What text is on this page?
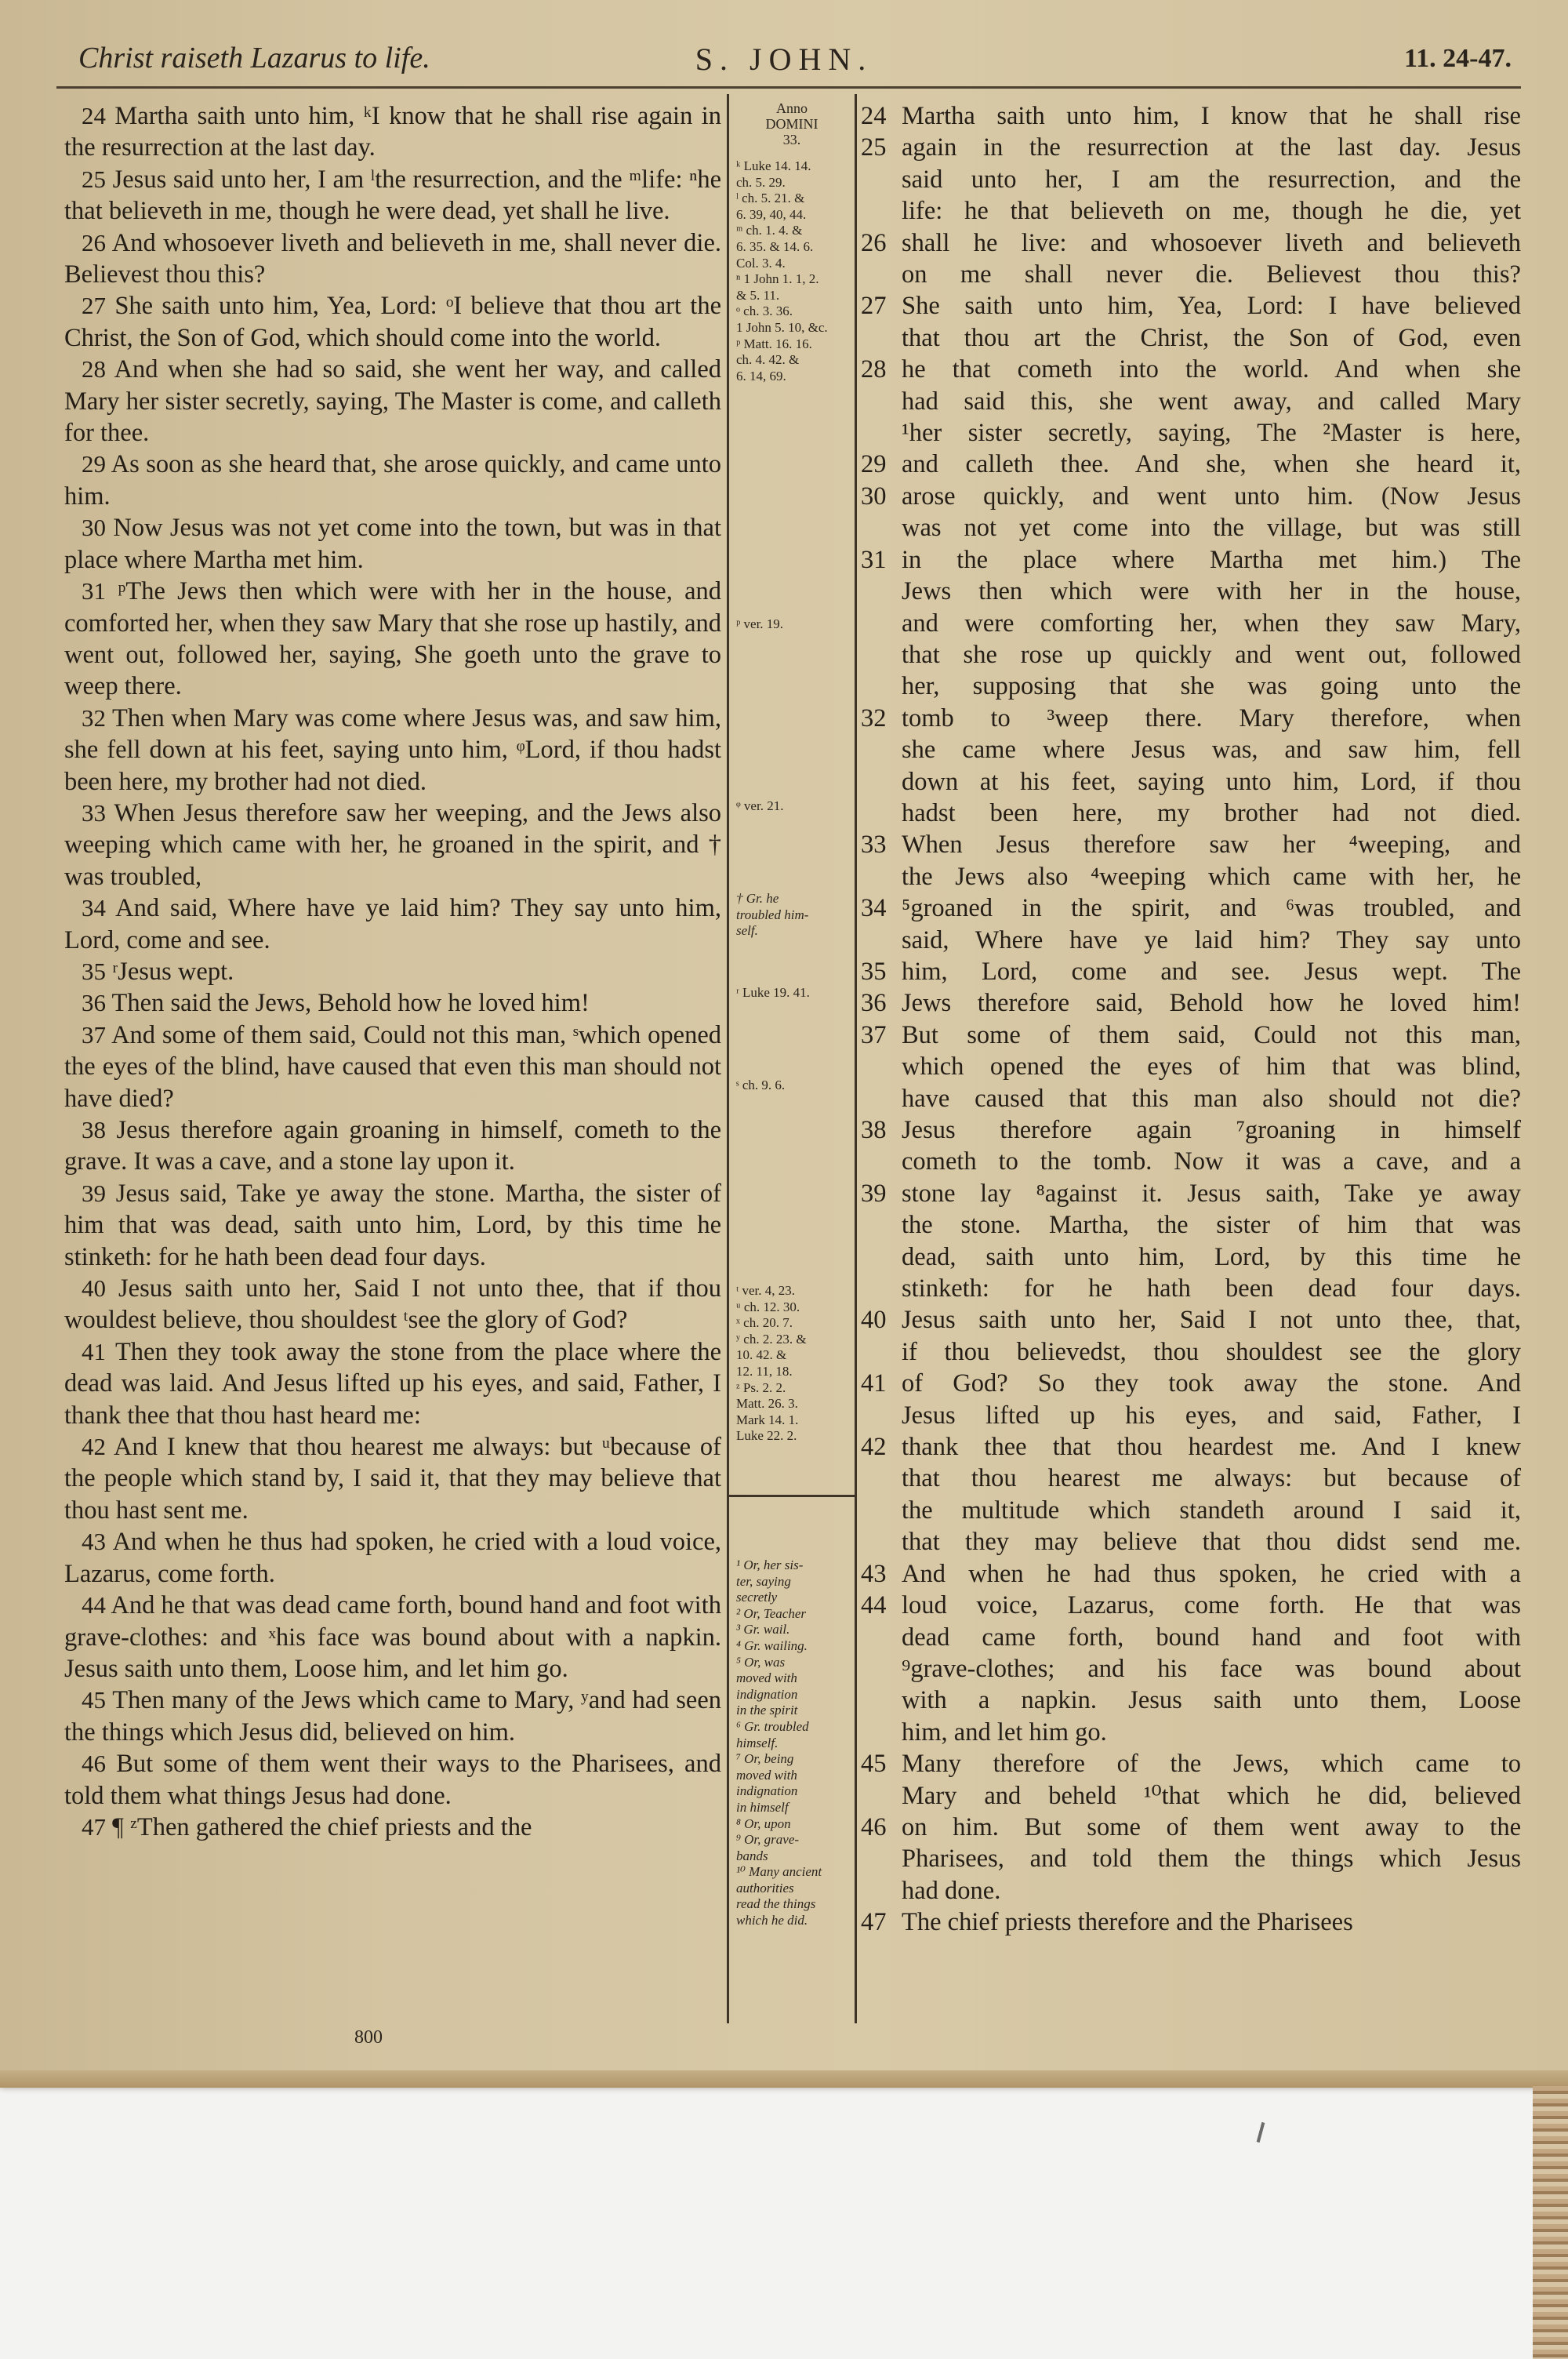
Christ raiseth Lazarus to life.	S. JOHN.	11. 24-47.

24 Martha saith unto him, ᵏI know that he shall rise again in the resurrection at the last day.

25 Jesus said unto her, I am ˡthe resurrection, and the ᵐlife: ⁿhe that believeth in me, though he were dead, yet shall he live.

26 And whosoever liveth and believeth in me, shall never die. Believest thou this?

27 She saith unto him, Yea, Lord: ᵒI believe that thou art the Christ, the Son of God, which should come into the world.

28 And when she had so said, she went her way, and called Mary her sister secretly, saying, The Master is come, and calleth for thee.

29 As soon as she heard that, she arose quickly, and came unto him.

30 Now Jesus was not yet come into the town, but was in that place where Martha met him.

31 ᵖThe Jews then which were with her in the house, and comforted her, when they saw Mary that she rose up hastily, and went out, followed her, saying, She goeth unto the grave to weep there.

32 Then when Mary was come where Jesus was, and saw him, she fell down at his feet, saying unto him, ᵠLord, if thou hadst been here, my brother had not died.

33 When Jesus therefore saw her weeping, and the Jews also weeping which came with her, he groaned in the spirit, and † was troubled,

34 And said, Where have ye laid him? They say unto him, Lord, come and see.

35 ʳJesus wept.

36 Then said the Jews, Behold how he loved him!

37 And some of them said, Could not this man, ˢwhich opened the eyes of the blind, have caused that even this man should not have died?

38 Jesus therefore again groaning in himself, cometh to the grave. It was a cave, and a stone lay upon it.

39 Jesus said, Take ye away the stone. Martha, the sister of him that was dead, saith unto him, Lord, by this time he stinketh: for he hath been dead four days.

40 Jesus saith unto her, Said I not unto thee, that if thou wouldest believe, thou shouldest ᵗsee the glory of God?

41 Then they took away the stone from the place where the dead was laid. And Jesus lifted up his eyes, and said, Father, I thank thee that thou hast heard me:

42 And I knew that thou hearest me always: but ᵘbecause of the people which stand by, I said it, that they may believe that thou hast sent me.

43 And when he thus had spoken, he cried with a loud voice, Lazarus, come forth.

44 And he that was dead came forth, bound hand and foot with grave-clothes: and ˣhis face was bound about with a napkin. Jesus saith unto them, Loose him, and let him go.

45 Then many of the Jews which came to Mary, ʸand had seen the things which Jesus did, believed on him.

46 But some of them went their ways to the Pharisees, and told them what things Jesus had done.

47 ¶ ᶻThen gathered the chief priests and the

Anno
DOMINI
33.
ᵏ Luke 14. 14.
ch. 5. 29.
ˡ ch. 5. 21. &
6. 39, 40, 44.
ᵐ ch. 1. 4. &
6. 35. & 14. 6.
Col. 3. 4.
ⁿ 1 John 1. 1, 2.
& 5. 11.
ᵒ ch. 3. 36.
1 John 5. 10, &c.
ᵖ Matt. 16. 16.
ch. 4. 42. &
6. 14, 69.
ᵖ ver. 19.
ᵠ ver. 21.
† Gr. he
troubled him-
self.
ʳ Luke 19. 41.
ˢ ch. 9. 6.
ᵗ ver. 4, 23.
ᵘ ch. 12. 30.
ˣ ch. 20. 7.
ʸ ch. 2. 23. &
10. 42. &
12. 11, 18.
ᶻ Ps. 2. 2.
Matt. 26. 3.
Mark 14. 1.
Luke 22. 2.
¹ Or, her sis-
ter, saying
secretly
² Or, Teacher
³ Gr. wail.
⁴ Gr. wailing.
⁵ Or, was
moved with
indignation
in the spirit
⁶ Gr. troubled
himself.
⁷ Or, being
moved with
indignation
in himself
⁸ Or, upon
⁹ Or, grave-
bands
¹⁰ Many ancient
authorities
read the things
which he did.
24 Martha saith unto him, I know that he shall rise
25 again in the resurrection at the last day. Jesus
said unto her, I am the resurrection, and the
life: he that believeth on me, though he die, yet
26 shall he live: and whosoever liveth and believeth
on me shall never die. Believest thou this?
27 She saith unto him, Yea, Lord: I have believed
that thou art the Christ, the Son of God, even
28 he that cometh into the world. And when she
had said this, she went away, and called Mary
¹her sister secretly, saying, The ²Master is here,
29 and calleth thee. And she, when she heard it,
30 arose quickly, and went unto him. (Now Jesus
was not yet come into the village, but was still
31 in the place where Martha met him.) The
Jews then which were with her in the house,
and were comforting her, when they saw Mary,
that she rose up quickly and went out, followed
her, supposing that she was going unto the
32 tomb to ³weep there. Mary therefore, when
she came where Jesus was, and saw him, fell
down at his feet, saying unto him, Lord, if thou
hadst been here, my brother had not died.
33 When Jesus therefore saw her ⁴weeping, and
the Jews also ⁴weeping which came with her, he
34 ⁵groaned in the spirit, and ⁶was troubled, and
said, Where have ye laid him? They say unto
35 him, Lord, come and see. Jesus wept. The
36 Jews therefore said, Behold how he loved him!
37 But some of them said, Could not this man,
which opened the eyes of him that was blind,
have caused that this man also should not die?
38 Jesus therefore again ⁷groaning in himself
cometh to the tomb. Now it was a cave, and a
39 stone lay ⁸against it. Jesus saith, Take ye away
the stone. Martha, the sister of him that was
dead, saith unto him, Lord, by this time he
stinketh: for he hath been dead four days.
40 Jesus saith unto her, Said I not unto thee, that,
if thou believedst, thou shouldest see the glory
41 of God? So they took away the stone. And
Jesus lifted up his eyes, and said, Father, I
42 thank thee that thou heardest me. And I knew
that thou hearest me always: but because of
the multitude which standeth around I said it,
that they may believe that thou didst send me.
43 And when he had thus spoken, he cried with a
44 loud voice, Lazarus, come forth. He that was
dead came forth, bound hand and foot with
⁹grave-clothes; and his face was bound about
with a napkin. Jesus saith unto them, Loose
him, and let him go.
45 Many therefore of the Jews, which came to
Mary and beheld ¹⁰that which he did, believed
46 on him. But some of them went away to the
Pharisees, and told them the things which Jesus
had done.
47 The chief priests therefore and the Pharisees
800
